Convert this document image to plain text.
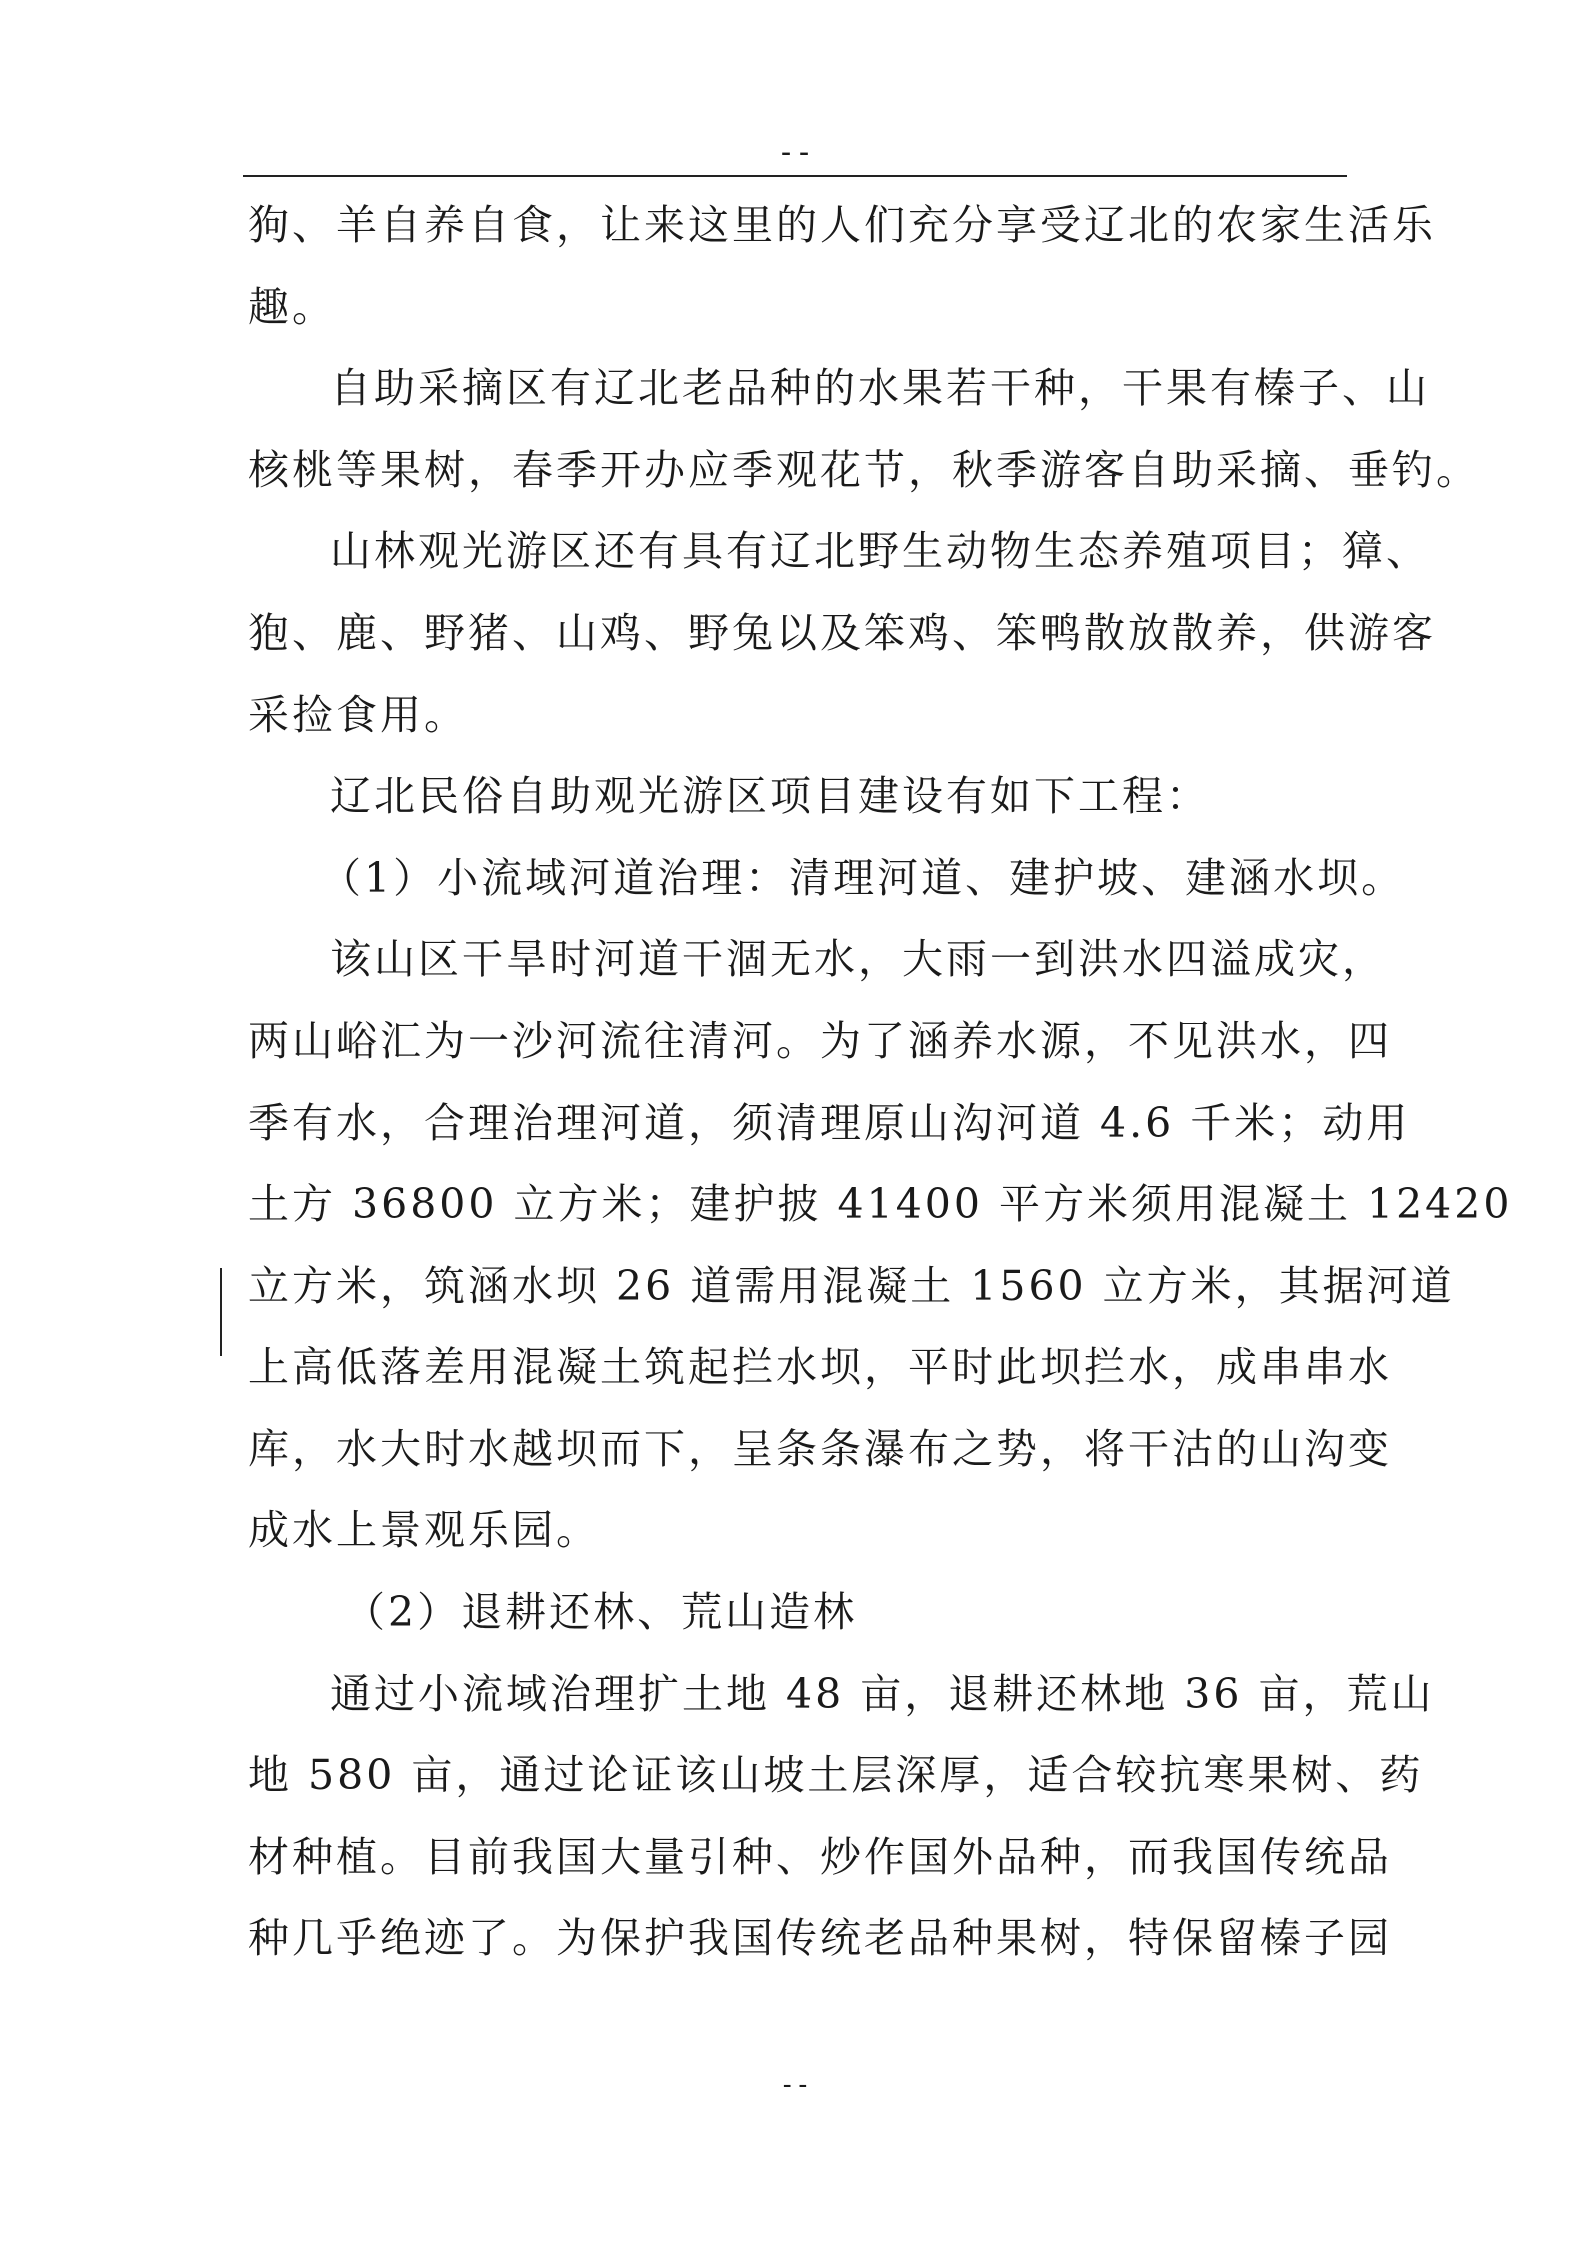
--
狗、羊自养自食，让来这里的人们充分享受辽北的农家生活乐
趣。
自助采摘区有辽北老品种的水果若干种，干果有榛子、山
核桃等果树，春季开办应季观花节，秋季游客自助采摘、垂钓。
山林观光游区还有具有辽北野生动物生态养殖项目；獐、
狍、鹿、野猪、山鸡、野兔以及笨鸡、笨鸭散放散养，供游客
采捡食用。
辽北民俗自助观光游区项目建设有如下工程：
（1）小流域河道治理：清理河道、建护坡、建涵水坝。
该山区干旱时河道干涸无水，大雨一到洪水四溢成灾，
两山峪汇为一沙河流往清河。为了涵养水源，不见洪水，四
季有水，合理治理河道，须清理原山沟河道 4.6 千米；动用
土方 36800 立方米；建护披 41400 平方米须用混凝土 12420
立方米，筑涵水坝 26 道需用混凝土 1560 立方米，其据河道
上高低落差用混凝土筑起拦水坝，平时此坝拦水，成串串水
库，水大时水越坝而下，呈条条瀑布之势，将干沽的山沟变
成水上景观乐园。
（2）退耕还林、荒山造林
通过小流域治理扩土地 48 亩，退耕还林地 36 亩，荒山
地 580 亩，通过论证该山坡土层深厚，适合较抗寒果树、药
材种植。目前我国大量引种、炒作国外品种，而我国传统品
种几乎绝迹了。为保护我国传统老品种果树，特保留榛子园
--
